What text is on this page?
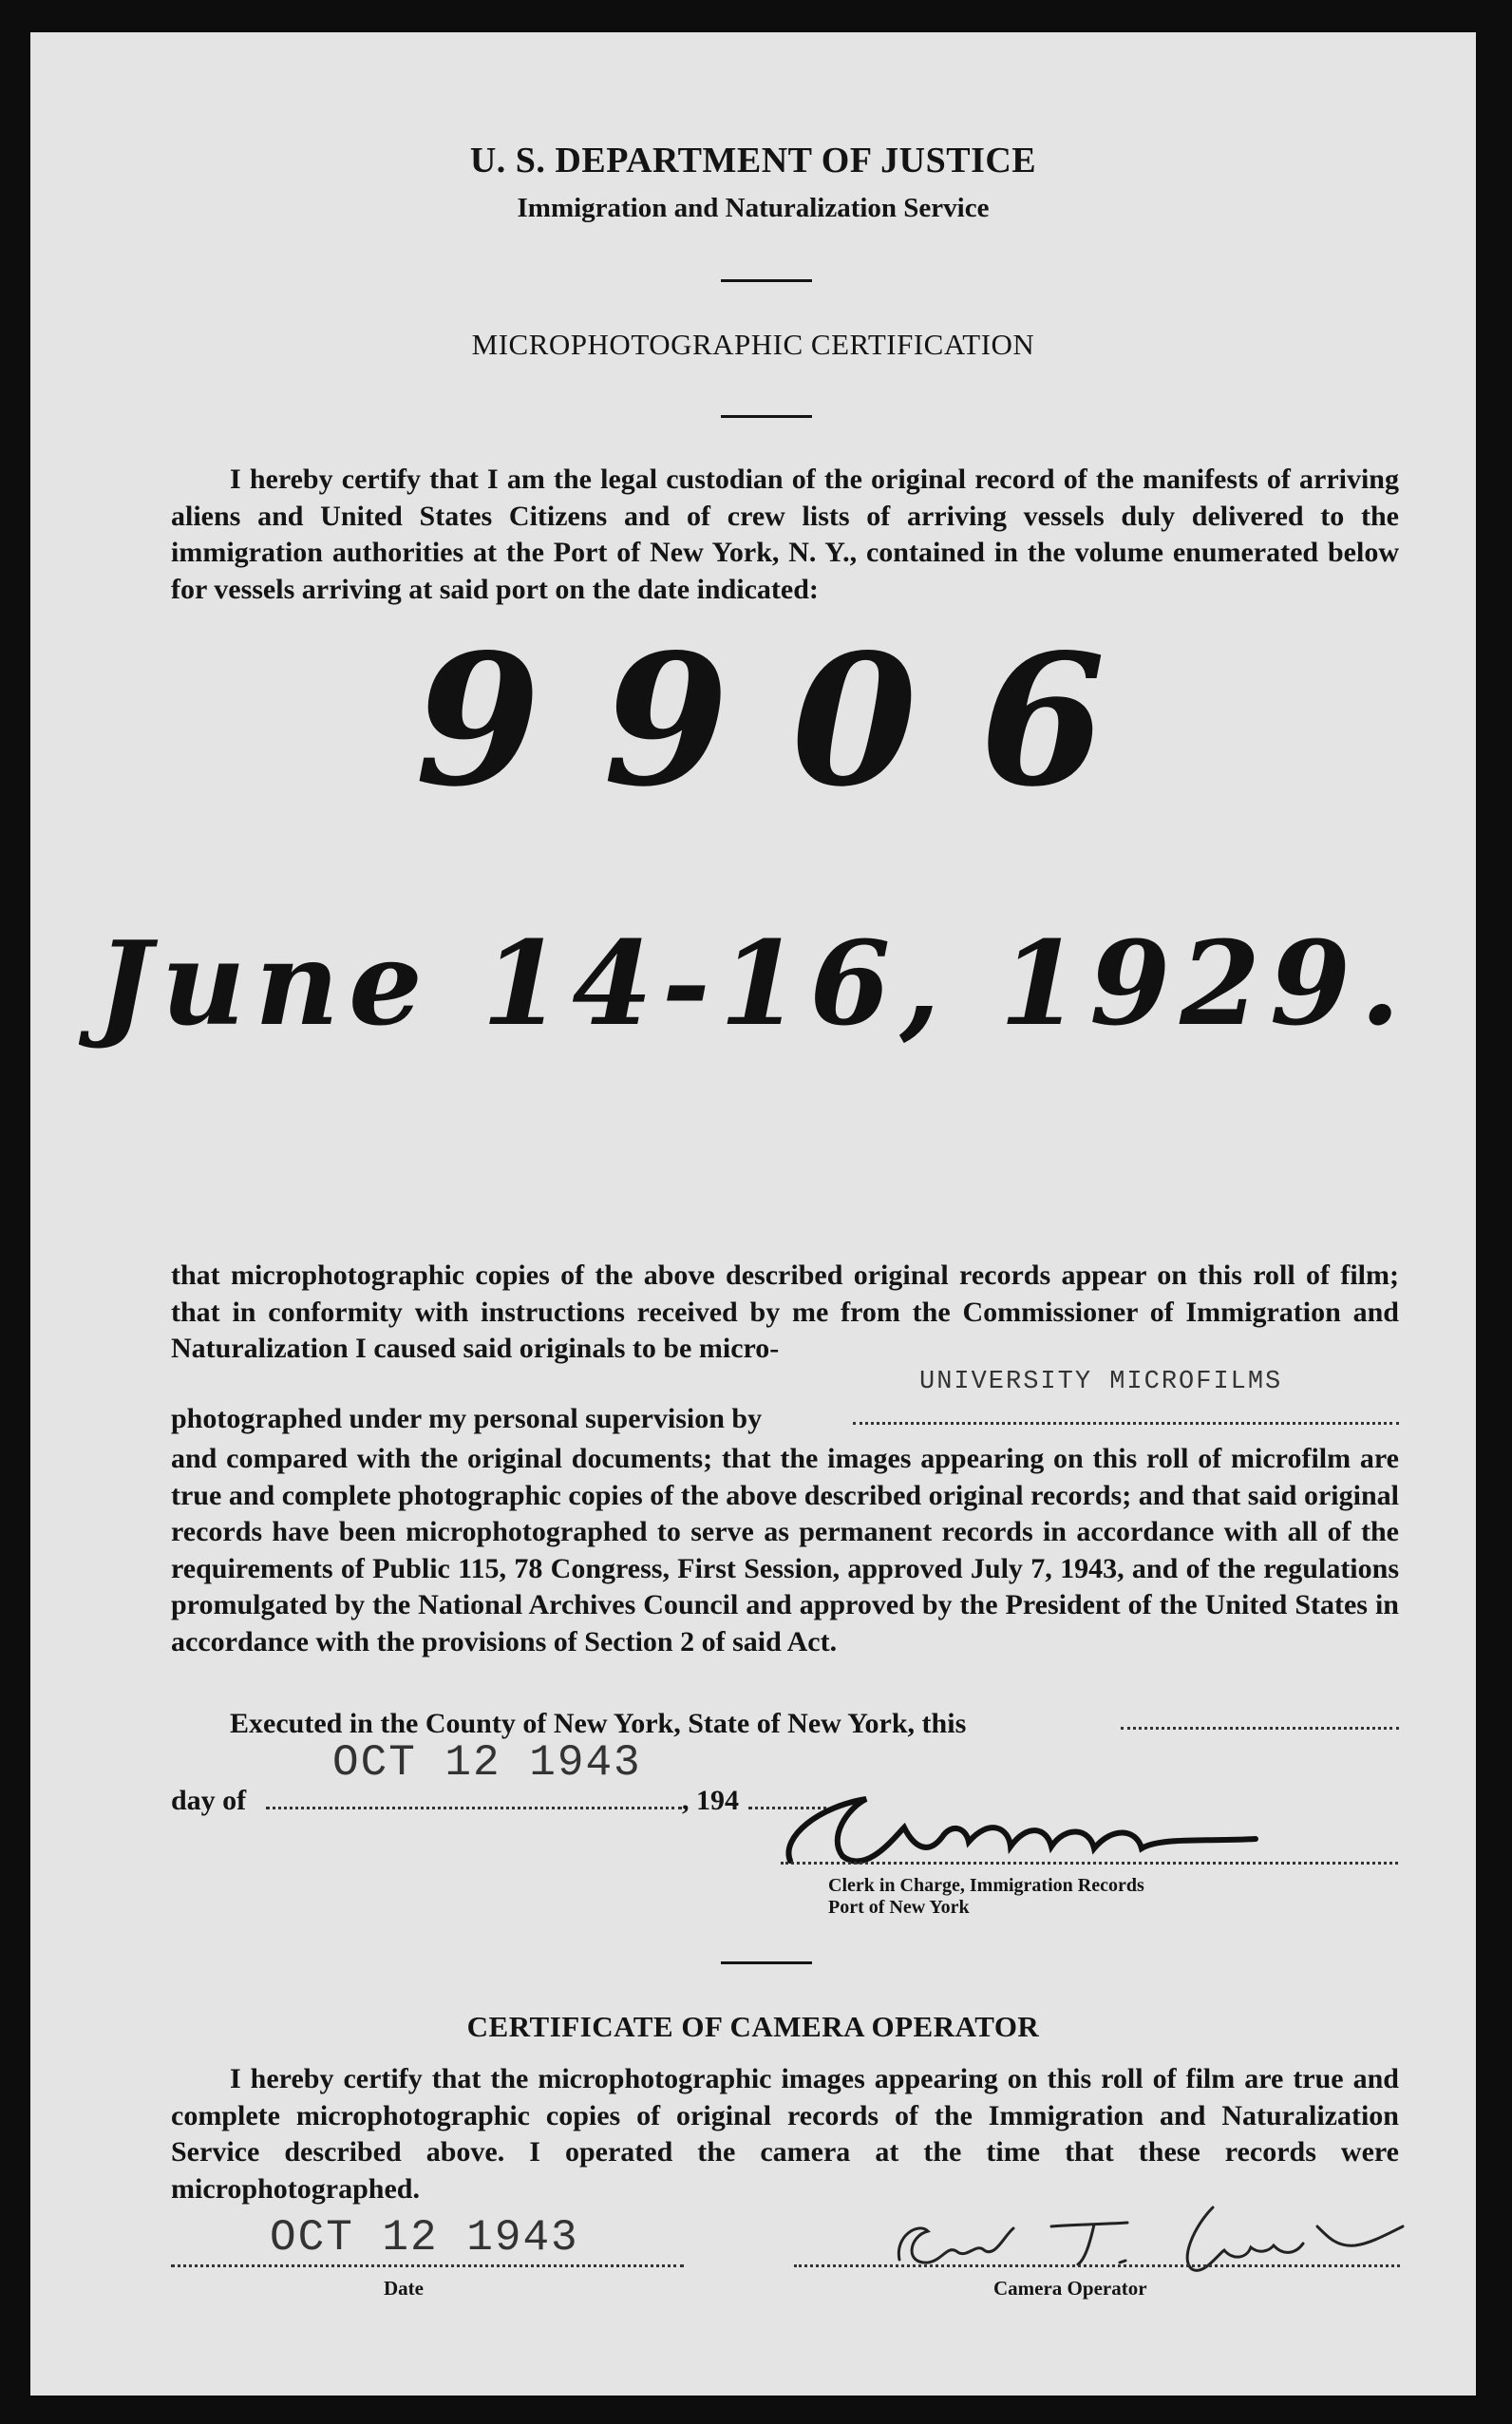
U. S. DEPARTMENT OF JUSTICE
Immigration and Naturalization Service
MICROPHOTOGRAPHIC CERTIFICATION
I hereby certify that I am the legal custodian of the original record of the manifests of arriving aliens and United States Citizens and of crew lists of arriving vessels duly delivered to the immigration authorities at the Port of New York, N. Y., contained in the volume enumerated below for vessels arriving at said port on the date indicated:
9906
June 14-16, 1929.
that microphotographic copies of the above described original records appear on this roll of film; that in conformity with instructions received by me from the Commissioner of Immigration and Naturalization I caused said originals to be micro-
photographed under my personal supervision by
UNIVERSITY MICROFILMS
and compared with the original documents; that the images appearing on this roll of microfilm are true and complete photographic copies of the above described original records; and that said original records have been microphotographed to serve as permanent records in accordance with all of the requirements of Public 115, 78 Congress, First Session, approved July 7, 1943, and of the regulations promulgated by the National Archives Council and approved by the President of the United States in accordance with the provisions of Section 2 of said Act.
Executed in the County of New York, State of New York, this
day of
OCT 12 1943
, 194
Clerk in Charge, Immigration Records
Port of New York
CERTIFICATE OF CAMERA OPERATOR
I hereby certify that the microphotographic images appearing on this roll of film are true and complete microphotographic copies of original records of the Immigration and Naturalization Service described above. I operated the camera at the time that these records were microphotographed.
OCT 12 1943
Date	Camera Operator
